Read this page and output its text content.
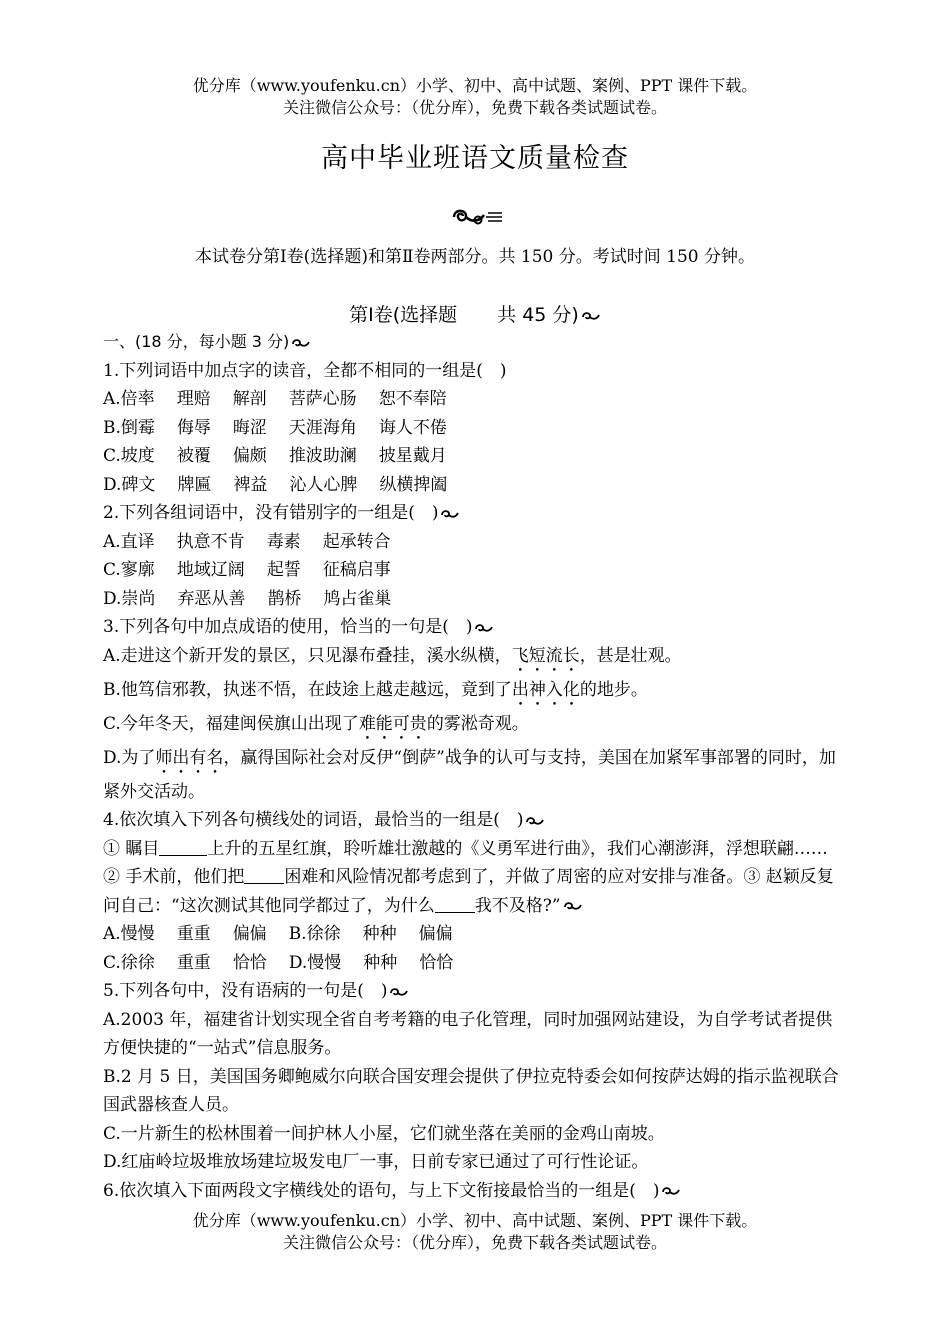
优分库（www.youfenku.cn）小学、初中、高中试题、案例、PPT 课件下载。
关注微信公众号：（优分库），免费下载各类试题试卷。
高中毕业班语文质量检查
本试卷分第Ⅰ卷(选择题)和第Ⅱ卷两部分。共 150 分。考试时间 150 分钟。
第Ⅰ卷(选择题 共 45 分)
一、(18 分，每小题 3 分)
1.下列词语中加点字的读音，全都不相同的一组是(　)
A.倍率 理赔 解剖 菩萨心肠 恕不奉陪
B.倒霉 侮辱 晦涩 天涯海角 诲人不倦
C.坡度 被覆 偏颇 推波助澜 披星戴月
D.碑文 牌匾 裨益 沁人心脾 纵横捭阖
2.下列各组词语中，没有错别字的一组是(　)
A.直译 执意不肯 毒素 起承转合
C.寥廓 地域辽阔 起誓 征稿启事
D.崇尚 弃恶从善 鹊桥 鸠占雀巢
3.下列各句中加点成语的使用，恰当的一句是(　)
A.走进这个新开发的景区，只见瀑布叠挂，溪水纵横，飞短流长，甚是壮观。
B.他笃信邪教，执迷不悟，在歧途上越走越远，竟到了出神入化的地步。
C.今年冬天，福建闽侯旗山出现了难能可贵的雾淞奇观。
D.为了师出有名，赢得国际社会对反伊“倒萨”战争的认可与支持，美国在加紧军事部署的同时，加紧外交活动。
4.依次填入下列各句横线处的词语，最恰当的一组是(　)
① 瞩目	上升的五星红旗，聆听雄壮激越的《义勇军进行曲》，我们心潮澎湃，浮想联翩……
② 手术前，他们把 困难和风险情况都考虑到了，并做了周密的应对安排与准备。③ 赵颖反复问自己：“这次测试其他同学都过了，为什么 我不及格?”
A.慢慢 重重 偏偏 B.徐徐 种种 偏偏
C.徐徐 重重 恰恰 D.慢慢 种种 恰恰
5.下列各句中，没有语病的一句是(　)
A.2003 年，福建省计划实现全省自考考籍的电子化管理，同时加强网站建设，为自学考试者提供方便快捷的“一站式”信息服务。
B.2 月 5 日，美国国务卿鲍威尔向联合国安理会提供了伊拉克特委会如何按萨达姆的指示监视联合国武器核查人员。
C.一片新生的松林围着一间护林人小屋，它们就坐落在美丽的金鸡山南坡。
D.红庙岭垃圾堆放场建垃圾发电厂一事，日前专家已通过了可行性论证。
6.依次填入下面两段文字横线处的语句，与上下文衔接最恰当的一组是(　)
优分库（www.youfenku.cn）小学、初中、高中试题、案例、PPT 课件下载。
关注微信公众号：（优分库），免费下载各类试题试卷。
